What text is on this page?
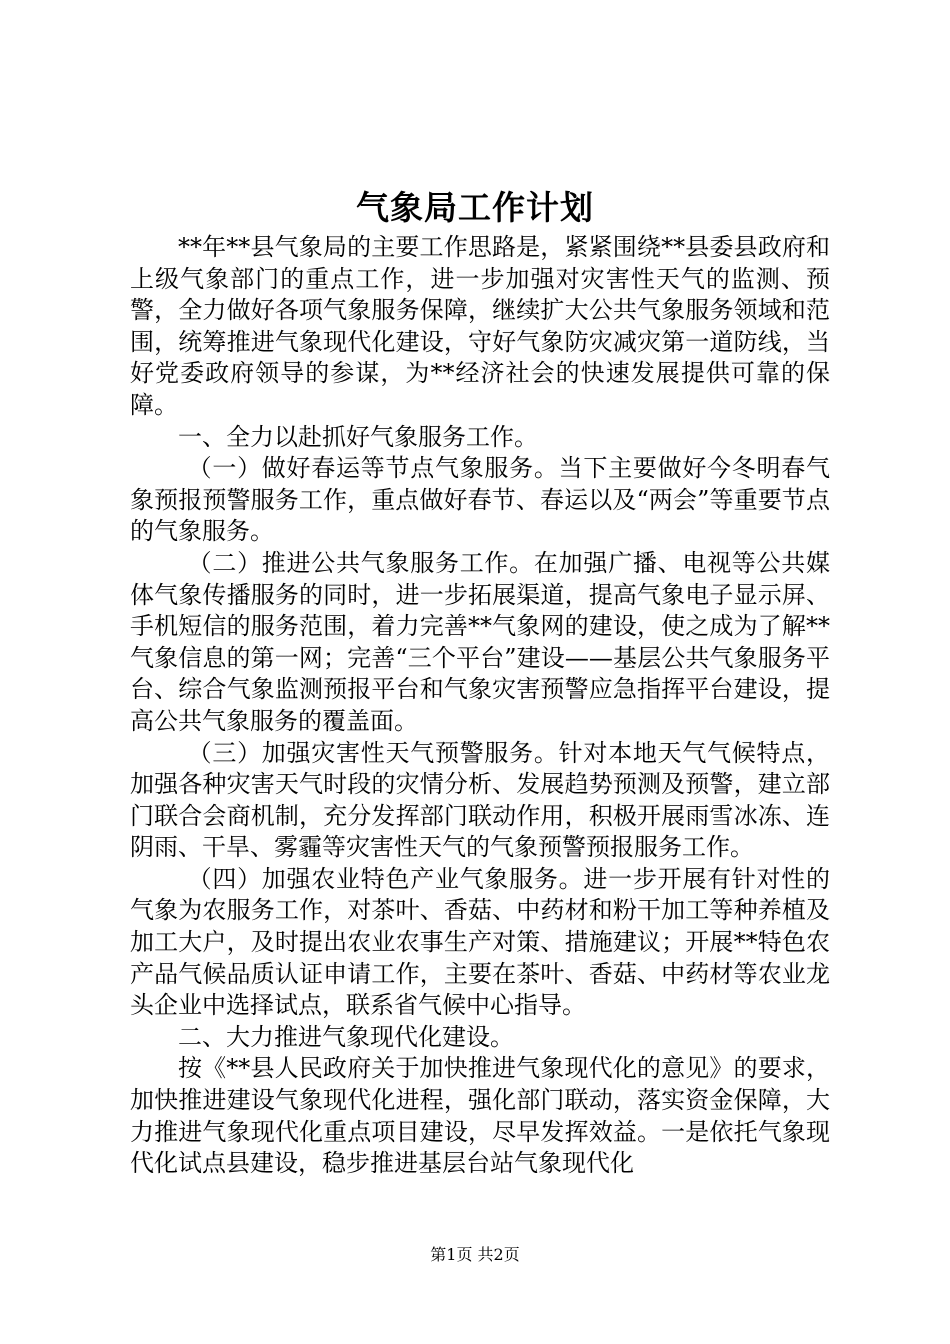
气象局工作计划

**年**县气象局的主要工作思路是，紧紧围绕**县委县政府和上级气象部门的重点工作，进一步加强对灾害性天气的监测、预警，全力做好各项气象服务保障，继续扩大公共气象服务领域和范围，统筹推进气象现代化建设，守好气象防灾减灾第一道防线，当好党委政府领导的参谋，为**经济社会的快速发展提供可靠的保障。

一、全力以赴抓好气象服务工作。

（一）做好春运等节点气象服务。当下主要做好今冬明春气象预报预警服务工作，重点做好春节、春运以及“两会”等重要节点的气象服务。

（二）推进公共气象服务工作。在加强广播、电视等公共媒体气象传播服务的同时，进一步拓展渠道，提高气象电子显示屏、手机短信的服务范围，着力完善**气象网的建设，使之成为了解**气象信息的第一网；完善“三个平台”建设——基层公共气象服务平台、综合气象监测预报平台和气象灾害预警应急指挥平台建设，提高公共气象服务的覆盖面。

（三）加强灾害性天气预警服务。针对本地天气气候特点，加强各种灾害天气时段的灾情分析、发展趋势预测及预警，建立部门联合会商机制，充分发挥部门联动作用，积极开展雨雪冰冻、连阴雨、干旱、雾霾等灾害性天气的气象预警预报服务工作。

（四）加强农业特色产业气象服务。进一步开展有针对性的气象为农服务工作，对茶叶、香菇、中药材和粉干加工等种养植及加工大户，及时提出农业农事生产对策、措施建议；开展**特色农产品气候品质认证申请工作，主要在茶叶、香菇、中药材等农业龙头企业中选择试点，联系省气候中心指导。

二、大力推进气象现代化建设。

按《**县人民政府关于加快推进气象现代化的意见》的要求，加快推进建设气象现代化进程，强化部门联动，落实资金保障，大力推进气象现代化重点项目建设，尽早发挥效益。一是依托气象现代化试点县建设，稳步推进基层台站气象现代化

第1页 共2页
